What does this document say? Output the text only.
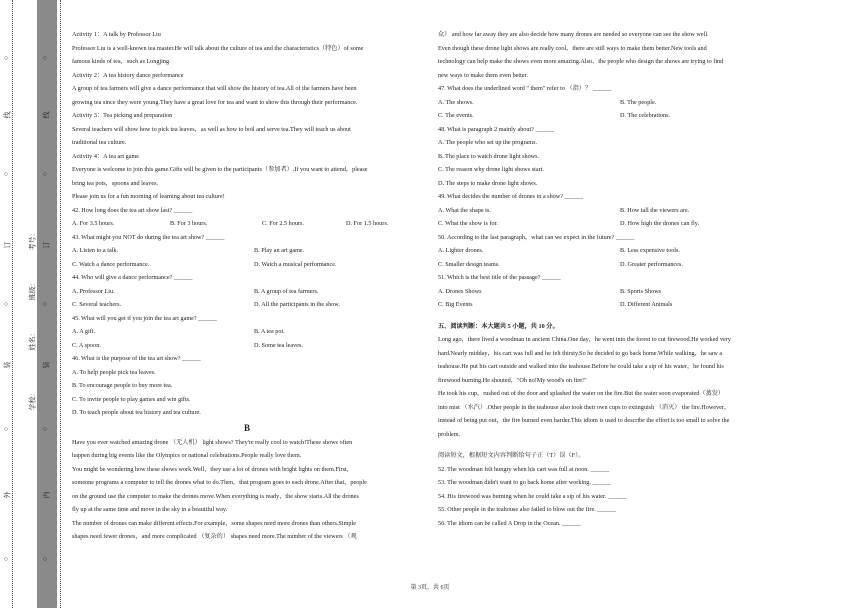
○
线
○
订
○
装
○
外
○
学校：
姓名：
班级：
考号：
○
线
○
订
○
装
○
内
○

Activity 1：A talk by Professor Liu

Professor Liu is a well-known tea master.He will talk about the culture of tea and the characteristics（特色）of some

famous kinds of tea，such as Longjing.

Activity 2：A tea history dance performance

A group of tea farmers will give a dance performance that will show the history of tea.All of the farmers have been

growing tea since they were young.They have a great love for tea and want to show this through their performance.

Activity 3：Tea picking and preparation

Several teachers will show how to pick tea leaves，as well as how to boil and serve tea.They will teach us about

traditional tea culture.

Activity 4：A tea art game

Everyone is welcome to join this game.Gifts will be given to the participants（参加者）.If you want to attend，please

bring tea pots，spoons and leaves.

Please join us for a fun morning of learning about tea culture!

42. How long does the tea art show last? ______

A. For 3.5 hours.	B. For 3 hours.	C. For 2.5 hours.	D. For 1.5 hours.

43. What might you NOT do during the tea art show? ______

A. Listen to a talk.	B. Play an art game.
C. Watch a dance performance.	D. Watch a musical performance.

44. Who will give a dance performance? ______

A. Professor Liu.	B. A group of tea farmers.
C. Several teachers.	D. All the participants in the show.

45. What will you get if you join the tea art game? ______

A. A gift.	B. A tea pot.
C. A spoon.	D. Some tea leaves.

46. What is the purpose of the tea art show? ______

A. To help people pick tea leaves.

B. To encourage people to buy more tea.

C. To invite people to play games and win gifts.

D. To teach people about tea history and tea culture.

B

Have you ever watched amazing drone （无人机） light shows? They're really cool to watch!These shows often

happen during big events like the Olympics or national celebrations.People really love them.

You might be wondering how these shows work.Well，they use a lot of drones with bright lights on them.First，

someone programs a computer to tell the drones what to do.Then，that program goes to each drone.After that，people

on the ground use the computer to make the drones move.When everything is ready，the show starts.All the drones

fly up at the same time and move in the sky in a beautiful way.

The number of drones can make different effects.For example，some shapes need more drones than others.Simple

shapes need fewer drones，and more complicated （复杂的） shapes need more.The number of the viewers （观

众） and how far away they are also decide how many drones are needed so everyone can see the show well.

Even though these drone light shows are really cool，there are still ways to make them better.New tools and

technology can help make the shows even more amazing.Also，the people who design the shows are trying to find

new ways to make them even better.

47. What does the underlined word " them" refer to （指）？ ______

A. The shows.	B. The people.
C. The events.	D. The celebrations.

48. What is paragraph 2 mainly about? ______

A. The people who set up the programs.

B. The place to watch drone light shows.

C. The reason why drone light shows start.

D. The steps to make drone light shows.

49. What decides the number of drones in a show? ______

A. What the shape is.	B. How tall the viewers are.
C. What the show is for.	D. How high the drones can fly.

50. According to the last paragraph，what can we expect in the future? ______

A. Lighter drones.	B. Less expensive tools.
C. Smaller design teams.	D. Greater performances.

51. Which is the best title of the passage? ______

A. Drones Shows	B. Sports Shows
C. Big Events	D. Different Animals

五、阅读判断：本大题共 5 小题，共 10 分。

Long ago，there lived a woodman in ancient China.One day，he went into the forest to cut firewood.He worked very

hard.Nearly midday，his cart was full and he felt thirsty.So he decided to go back home.While walking，he saw a

teahouse.He put his cart outside and walked into the teahouse.Before he could take a sip of his water，he found his

firewood burning.He shouted，"Oh no!My wood's on fire!"

He took his cup，rushed out of the door and splashed the water on the fire.But the water soon evaporated（蒸发）

into mist （水汽）.Other people in the teahouse also took their own cups to extinguish （消灭） the fire.However，

instead of being put out，the fire burned even harder.This idiom is used to describe the effort is too small to solve the

problem.

阅读短文，根据短文内容判断给句子正（T）误（F）。

52. The woodman felt hungry when his cart was full at noon. ______

53. The woodman didn't want to go back home after working. ______

54. His firewood was burning when he could take a sip of his water. ______

55. Other people in the teahouse also failed to blow out the fire. ______

56. The idiom can be called A Drop in the Ocean. ______

第 3页，共 6页
